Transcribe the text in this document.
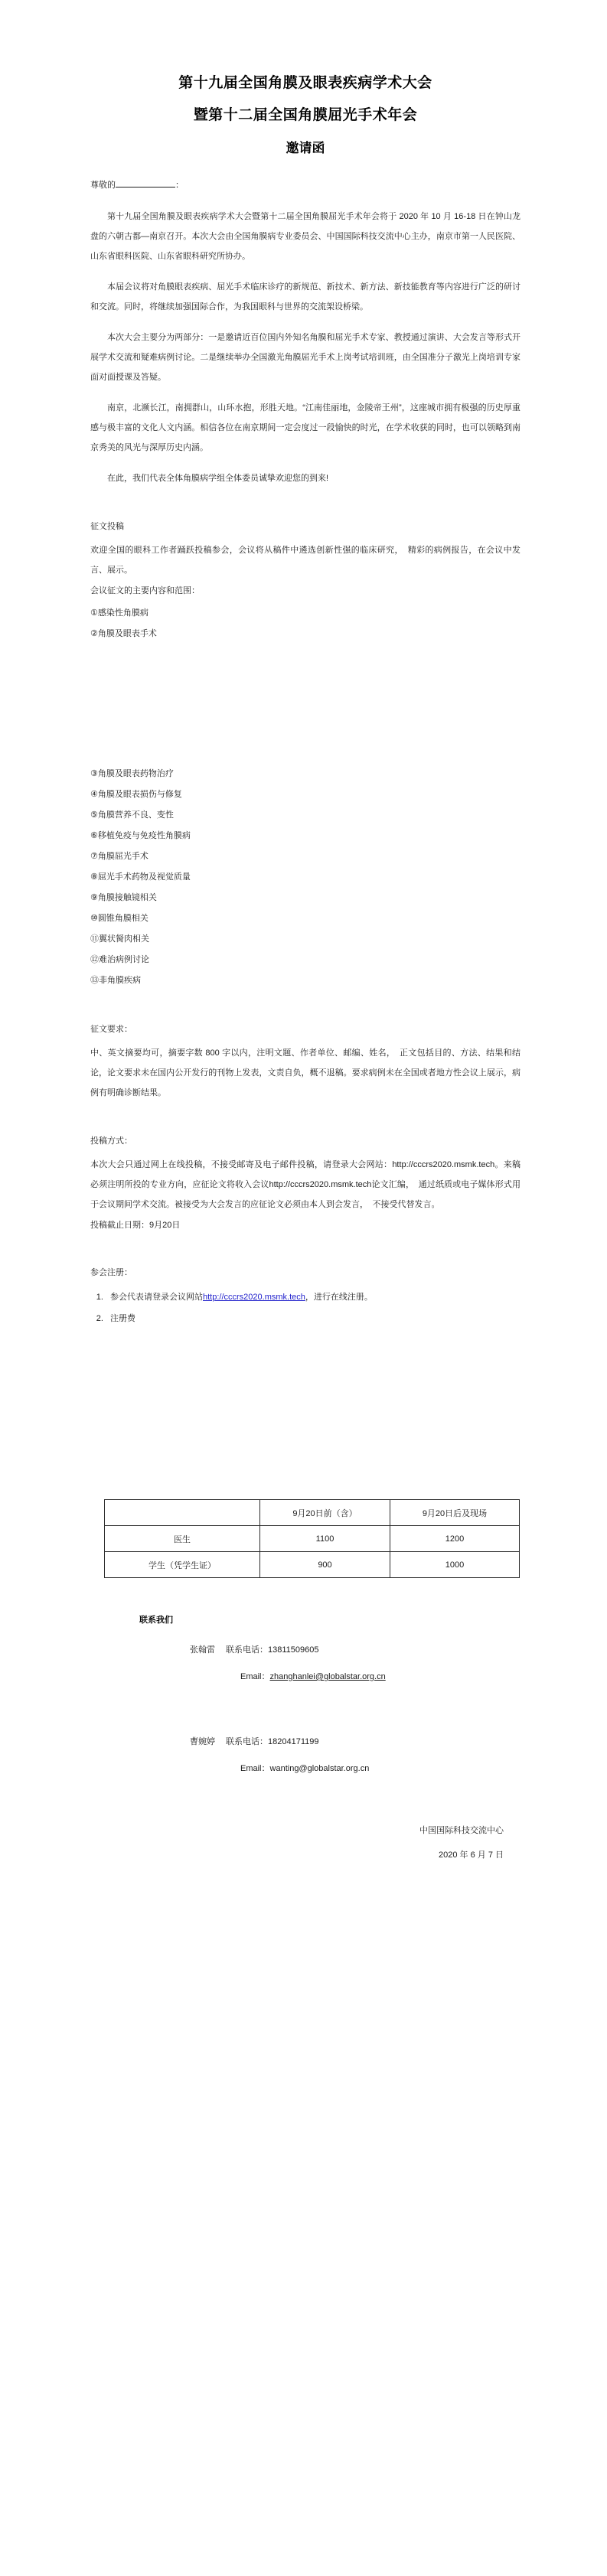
第十九届全国角膜及眼表疾病学术大会
暨第十二届全国角膜屈光手术年会
邀请函

尊敬的	：

第十九届全国角膜及眼表疾病学术大会暨第十二届全国角膜屈光手术年会将于 2020 年 10 月 16-18 日在钟山龙盘的六朝古都—南京召开。本次大会由全国角膜病专业委员会、中国国际科技交流中心主办，南京市第一人民医院、山东省眼科医院、山东省眼科研究所协办。

本届会议将对角膜眼表疾病、屈光手术临床诊疗的新规范、新技术、新方法、新技能教育等内容进行广泛的研讨和交流。同时，将继续加强国际合作，为我国眼科与世界的交流架设桥梁。

本次大会主要分为两部分：一是邀请近百位国内外知名角膜和屈光手术专家、教授通过演讲、大会发言等形式开展学术交流和疑难病例讨论。二是继续举办全国激光角膜屈光手术上岗考试培训班，由全国准分子激光上岗培训专家面对面授课及答疑。

南京，北濒长江，南拥群山，山环水抱，形胜天地。“江南佳丽地，金陵帝王州”，这座城市拥有极强的历史厚重感与极丰富的文化人文内涵。相信各位在南京期间一定会度过一段愉快的时光，在学术收获的同时，也可以领略到南京秀美的风光与深厚历史内涵。

在此，我们代表全体角膜病学组全体委员诚挚欢迎您的到来!

征文投稿

欢迎全国的眼科工作者踊跃投稿参会，会议将从稿件中遴选创新性强的临床研究，　精彩的病例报告，在会议中发言、展示。

会议征文的主要内容和范围：

①感染性角膜病
②角膜及眼表手术
③角膜及眼表药物治疗
④角膜及眼表损伤与修复
⑤角膜营养不良、变性
⑥移植免疫与免疫性角膜病
⑦角膜屈光手术
⑧屈光手术药物及视觉质量
⑨角膜接触镜相关
⑩圆锥角膜相关
⑪翼状胬肉相关
⑫难治病例讨论
⑬非角膜疾病

征文要求：

中、英文摘要均可，摘要字数 800 字以内，注明文题、作者单位、邮编、姓名，　正文包括目的、方法、结果和结论，论文要求未在国内公开发行的刊物上发表，文责自负，概不退稿。要求病例未在全国或者地方性会议上展示，病例有明确诊断结果。

投稿方式：

本次大会只通过网上在线投稿，不接受邮寄及电子邮件投稿，请登录大会网站：http://cccrs2020.msmk.tech。来稿必须注明所投的专业方向，应征论文将收入会议http://cccrs2020.msmk.tech论文汇编，　通过纸质或电子媒体形式用于会议期间学术交流。被接受为大会发言的应征论文必须由本人到会发言，　不接受代替发言。

投稿截止日期：9月20日

参会注册：

1. 参会代表请登录会议网站http://cccrs2020.msmk.tech，进行在线注册。
2. 注册费
	9月20日前（含）	9月20日后及现场
医生	1100	1200
学生（凭学生证）	900	1000

联系我们

张翰雷 联系电话：13811509605

Email：zhanghanlei@globalstar.org.cn

曹婉婷 联系电话：18204171199

Email：wanting@globalstar.org.cn

中国国际科技交流中心
2020 年 6 月 7 日
